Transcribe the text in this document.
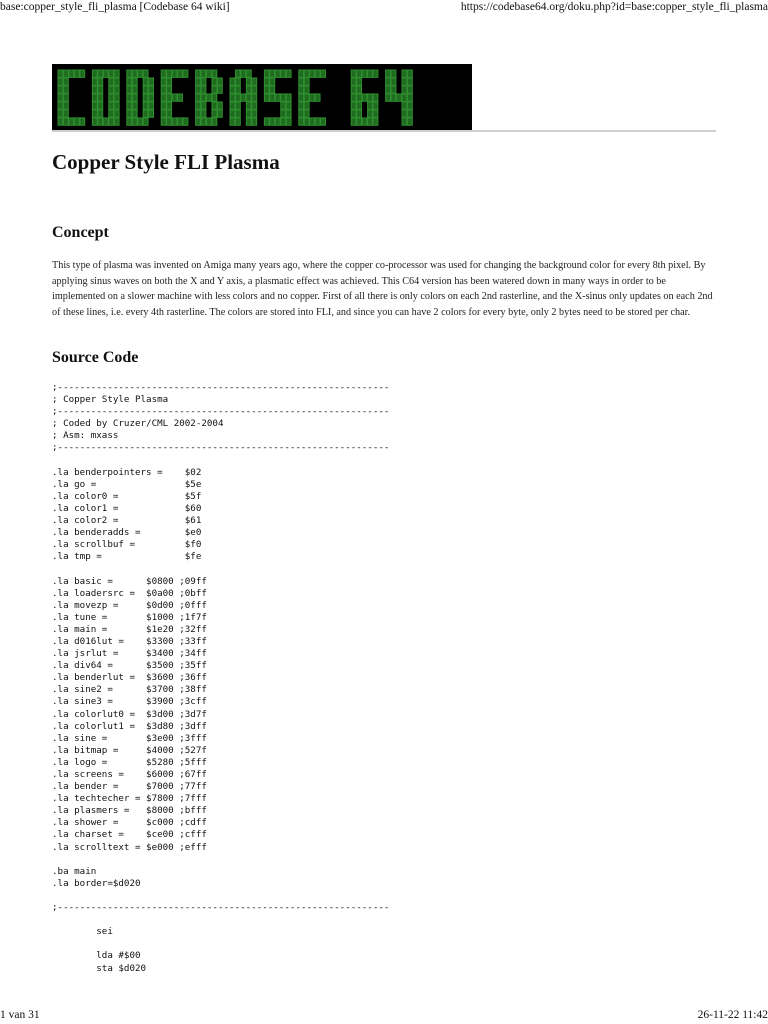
base:copper_style_fli_plasma [Codebase 64 wiki]	https://codebase64.org/doku.php?id=base:copper_style_fli_plasma
Copper Style FLI Plasma
Concept

This type of plasma was invented on Amiga many years ago, where the copper co-processor was used for changing the background color for every 8th pixel. By applying sinus waves on both the X and Y axis, a plasmatic effect was achieved. This C64 version has been watered down in many ways in order to be implemented on a slower machine with less colors and no copper. First of all there is only colors on each 2nd rasterline, and the X-sinus only updates on each 2nd of these lines, i.e. every 4th rasterline. The colors are stored into FLI, and since you can have 2 colors for every byte, only 2 bytes need to be stored per char.

Source Code
;------------------------------------------------------------
; Copper Style Plasma
;------------------------------------------------------------
; Coded by Cruzer/CML 2002-2004
; Asm: mxass
;------------------------------------------------------------

.la benderpointers =    $02
.la go =                $5e
.la color0 =            $5f
.la color1 =            $60
.la color2 =            $61
.la benderadds =        $e0
.la scrollbuf =         $f0
.la tmp =               $fe

.la basic =      $0800 ;09ff
.la loadersrc =  $0a00 ;0bff
.la movezp =     $0d00 ;0fff
.la tune =       $1000 ;1f7f
.la main =       $1e20 ;32ff
.la d016lut =    $3300 ;33ff
.la jsrlut =     $3400 ;34ff
.la div64 =      $3500 ;35ff
.la benderlut =  $3600 ;36ff
.la sine2 =      $3700 ;38ff
.la sine3 =      $3900 ;3cff
.la colorlut0 =  $3d00 ;3d7f
.la colorlut1 =  $3d80 ;3dff
.la sine =       $3e00 ;3fff
.la bitmap =     $4000 ;527f
.la logo =       $5280 ;5fff
.la screens =    $6000 ;67ff
.la bender =     $7000 ;77ff
.la techtecher = $7800 ;7fff
.la plasmers =   $8000 ;bfff
.la shower =     $c000 ;cdff
.la charset =    $ce00 ;cfff
.la scrolltext = $e000 ;efff

.ba main
.la border=$d020

;------------------------------------------------------------

sei

lda #$00
sta $d020
1 van 31	26-11-22 11:42
